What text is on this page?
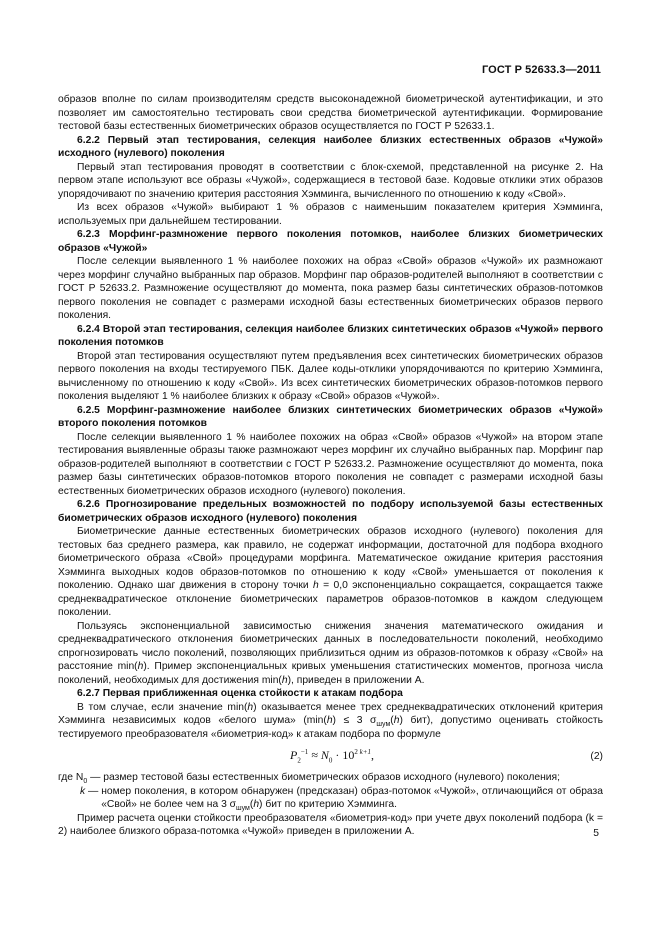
ГОСТ Р 52633.3—2011

образов вполне по силам производителям средств высоконадежной биометрической аутентификации, и это позволяет им самостоятельно тестировать свои средства биометрической аутентификации. Формирование тестовой базы естественных биометрических образов осуществляется по ГОСТ Р 52633.1.

6.2.2 Первый этап тестирования, селекция наиболее близких естественных образов «Чужой» исходного (нулевого) поколения

Первый этап тестирования проводят в соответствии с блок-схемой, представленной на рисунке 2. На первом этапе используют все образы «Чужой», содержащиеся в тестовой базе. Кодовые отклики этих образов упорядочивают по значению критерия расстояния Хэмминга, вычисленного по отношению к коду «Свой».

Из всех образов «Чужой» выбирают 1 % образов с наименьшим показателем критерия Хэмминга, используемых при дальнейшем тестировании.

6.2.3 Морфинг-размножение первого поколения потомков, наиболее близких биометрических образов «Чужой»

После селекции выявленного 1 % наиболее похожих на образ «Свой» образов «Чужой» их размножают через морфинг случайно выбранных пар образов. Морфинг пар образов-родителей выполняют в соответствии с ГОСТ Р 52633.2. Размножение осуществляют до момента, пока размер базы синтетических образов-потомков первого поколения не совпадет с размерами исходной базы естественных биометрических образов первого поколения.

6.2.4 Второй этап тестирования, селекция наиболее близких синтетических образов «Чужой» первого поколения потомков

Второй этап тестирования осуществляют путем предъявления всех синтетических биометрических образов первого поколения на входы тестируемого ПБК. Далее коды-отклики упорядочиваются по критерию Хэмминга, вычисленному по отношению к коду «Свой». Из всех синтетических биометрических образов-потомков первого поколения выделяют 1 % наиболее близких к образу «Свой» образов «Чужой».

6.2.5 Морфинг-размножение наиболее близких синтетических биометрических образов «Чужой» второго поколения потомков

После селекции выявленного 1 % наиболее похожих на образ «Свой» образов «Чужой» на втором этапе тестирования выявленные образы также размножают через морфинг их случайно выбранных пар. Морфинг пар образов-родителей выполняют в соответствии с ГОСТ Р 52633.2. Размножение осуществляют до момента, пока размер базы синтетических образов-потомков второго поколения не совпадет с размерами исходной базы естественных биометрических образов исходного (нулевого) поколения.

6.2.6 Прогнозирование предельных возможностей по подбору используемой базы естественных биометрических образов исходного (нулевого) поколения

Биометрические данные естественных биометрических образов исходного (нулевого) поколения для тестовых баз среднего размера, как правило, не содержат информации, достаточной для подбора входного биометрического образа «Свой» процедурами морфинга. Математическое ожидание критерия расстояния Хэмминга выходных кодов образов-потомков по отношению к коду «Свой» уменьшается от поколения к поколению. Однако шаг движения в сторону точки h = 0,0 экспоненциально сокращается, сокращается также среднеквадратическое отклонение биометрических параметров образов-потомков в каждом следующем поколении.

Пользуясь экспоненциальной зависимостью снижения значения математического ожидания и среднеквадратического отклонения биометрических данных в последовательности поколений, необходимо спрогнозировать число поколений, позволяющих приблизиться одним из образов-потомков к образу «Свой» на расстояние min(h). Пример экспоненциальных кривых уменьшения статистических моментов, прогноза числа поколений, необходимых для достижения min(h), приведен в приложении А.

6.2.7 Первая приближенная оценка стойкости к атакам подбора

В том случае, если значение min(h) оказывается менее трех среднеквадратических отклонений критерия Хэмминга независимых кодов «белого шума» (min(h) ≤ 3 $\sigma_{шум}(h)$ бит), допустимо оценивать стойкость тестируемого преобразователя «биометрия-код» к атакам подбора по формуле

$P_2^{-1} \approx N_0 \cdot 10^{2 k+1}$,	(2)
где $N_0$ — размер тестовой базы естественных биометрических образов исходного (нулевого) поколения;
k — номер поколения, в котором обнаружен (предсказан) образ-потомок «Чужой», отличающийся от образа «Свой» не более чем на 3 $\sigma_{шум}(h)$ бит по критерию Хэмминга.

Пример расчета оценки стойкости преобразователя «биометрия-код» при учете двух поколений подбора (k = 2) наиболее близкого образа-потомка «Чужой» приведен в приложении А.	5
